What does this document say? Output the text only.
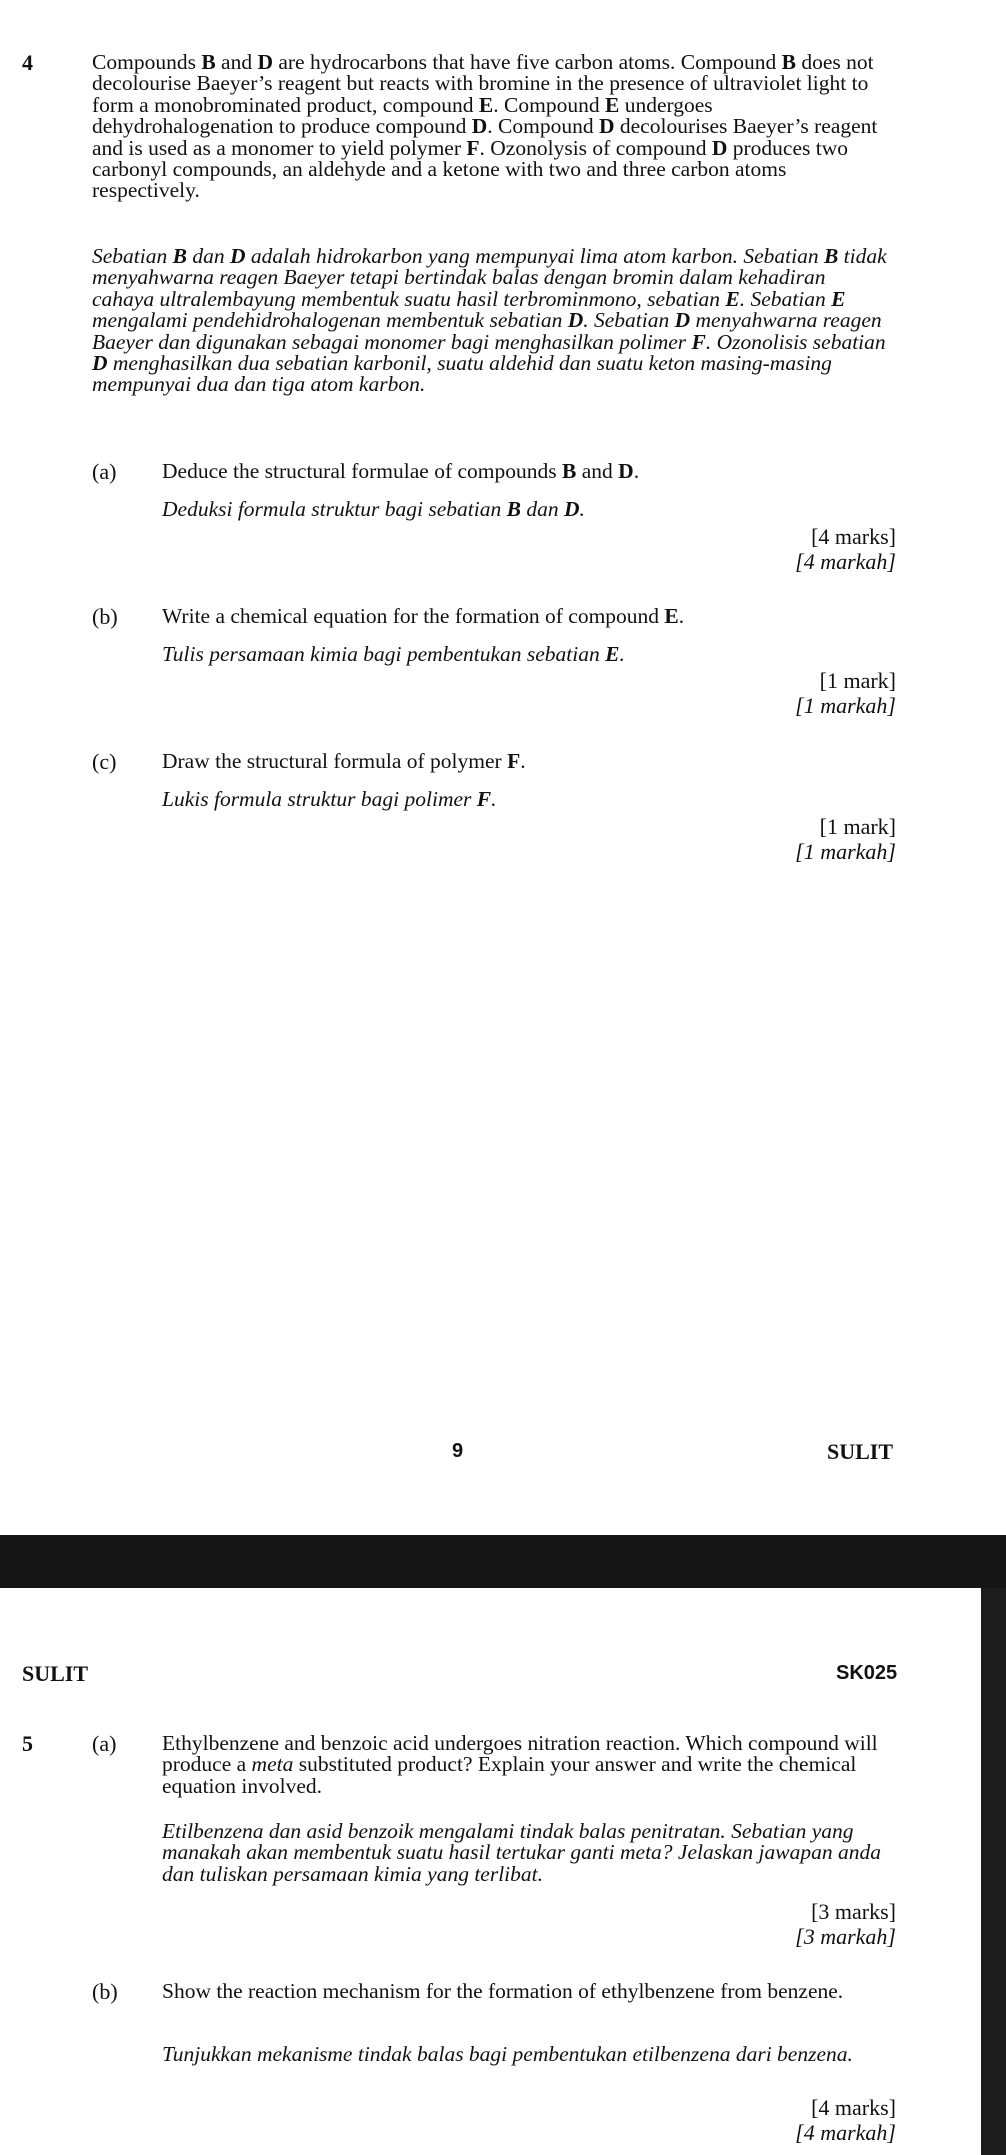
4	Compounds B and D are hydrocarbons that have five carbon atoms. Compound B does not decolourise Baeyer’s reagent but reacts with bromine in the presence of ultraviolet light to form a monobrominated product, compound E. Compound E undergoes dehydrohalogenation to produce compound D. Compound D decolourises Baeyer’s reagent and is used as a monomer to yield polymer F. Ozonolysis of compound D produces two carbonyl compounds, an aldehyde and a ketone with two and three carbon atoms respectively.
Sebatian B dan D adalah hidrokarbon yang mempunyai lima atom karbon. Sebatian B tidak menyahwarna reagen Baeyer tetapi bertindak balas dengan bromin dalam kehadiran cahaya ultralembayung membentuk suatu hasil terbrominmono, sebatian E. Sebatian E mengalami pendehidrohalogenan membentuk sebatian D. Sebatian D menyahwarna reagen Baeyer dan digunakan sebagai monomer bagi menghasilkan polimer F. Ozonolisis sebatian D menghasilkan dua sebatian karbonil, suatu aldehid dan suatu keton masing-masing mempunyai dua dan tiga atom karbon.
(a) Deduce the structural formulae of compounds B and D.
Deduksi formula struktur bagi sebatian B dan D.
[4 marks]
[4 markah]
(b) Write a chemical equation for the formation of compound E.
Tulis persamaan kimia bagi pembentukan sebatian E.
[1 mark]
[1 markah]
(c) Draw the structural formula of polymer F.
Lukis formula struktur bagi polimer F.
[1 mark]
[1 markah]
9	SULIT
SULIT	SK025
5	(a) Ethylbenzene and benzoic acid undergoes nitration reaction. Which compound will produce a meta substituted product? Explain your answer and write the chemical equation involved.
Etilbenzena dan asid benzoik mengalami tindak balas penitratan. Sebatian yang manakah akan membentuk suatu hasil tertukar ganti meta? Jelaskan jawapan anda dan tuliskan persamaan kimia yang terlibat.
[3 marks]
[3 markah]
(b) Show the reaction mechanism for the formation of ethylbenzene from benzene.
Tunjukkan mekanisme tindak balas bagi pembentukan etilbenzena dari benzena.
[4 marks]
[4 markah]
